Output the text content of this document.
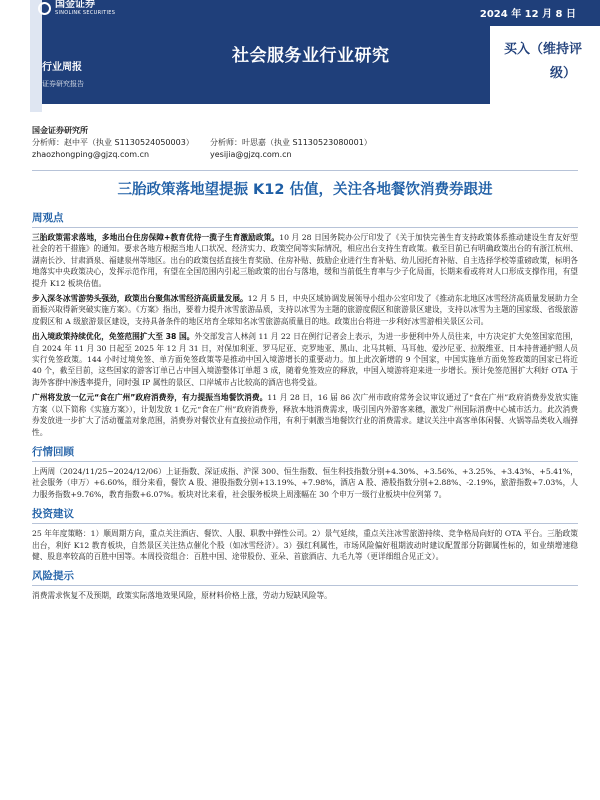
国金证券
SINOLINK SECURITIES	2024 年 12 月 8 日
行业周报
证券研究报告
社会服务业行业研究	买入（维持评
级）
国金证券研究所
分析师：赵中平（执业 S1130524050003）	分析师：叶思嘉（执业 S1130523080001）
zhaozhongping@gjzq.com.cn	yesijia@gjzq.com.cn
三胎政策落地望提振 K12 估值，关注各地餐饮消费券跟进
周观点

三胎政策需求落地，多地出台住房保障+教育优待一揽子生育激励政策。10 月 28 日国务院办公厅印发了《关于加快完善生育支持政策体系推动建设生育友好型社会的若干措施》的通知。要求各地方根据当地人口状况、经济实力、政策空间等实际情况，相应出台支持生育政策。截至目前已有明确政策出台的有浙江杭州、湖南长沙、甘肃酒泉、福建泉州等地区。出台的政策包括直接生育奖励、住房补贴、鼓励企业进行生育补贴、幼儿园托育补贴、自主选择学校等重磅政策，标明各地落实中央政策决心，发挥示范作用，有望在全国范围内引起三胎政策的出台与落地，缓和当前低生育率与少子化局面，长期来看或将对人口形成支撑作用，有望提升 K12 板块估值。

步入深冬冰雪游势头强劲，政策出台聚焦冰雪经济高质量发展。12 月 5 日，中央区域协调发展领导小组办公室印发了《推动东北地区冰雪经济高质量发展助力全面振兴取得新突破实施方案》。《方案》指出，要着力提升冰雪旅游品质，支持以冰雪为主题的旅游度假区和旅游景区建设，支持以冰雪为主题的国家级、省级旅游度假区和 A 级旅游景区建设，支持具备条件的地区培育全球知名冰雪旅游高质量目的地。政策出台将进一步利好冰雪游相关景区公司。

出入境政策持续优化，免签范围扩大至 38 国。外交部发言人林剑 11 月 22 日在例行记者会上表示，为进一步便利中外人员往来，中方决定扩大免签国家范围，自 2024 年 11 月 30 日起至 2025 年 12 月 31 日，对保加利亚、罗马尼亚、克罗地亚、黑山、北马其顿、马耳他、爱沙尼亚、拉脱维亚、日本持普通护照人员实行免签政策。144 小时过境免签、单方面免签政策等是推动中国入境游增长的重要动力。加上此次新增的 9 个国家，中国实施单方面免签政策的国家已将近 40 个，截至目前，这些国家的游客订单已占中国入境游整体订单超 3 成，随着免签效应的释放，中国入境游将迎来进一步增长。预计免签范围扩大利好 OTA 于海外客群中渗透率提升，同时强 IP 属性的景区、口岸城市占比较高的酒店也将受益。

广州将发放一亿元“食在广州”政府消费券，有力提振当地餐饮消费。11 月 28 日，16 届 86 次广州市政府常务会议审议通过了“食在广州”政府消费券发放实施方案（以下简称《实施方案》），计划发放 1 亿元“食在广州”政府消费券，释放本地消费需求，吸引国内外游客来穗，激发广州国际消费中心城市活力。此次消费券发放进一步扩大了活动覆盖对象范围，消费券对餐饮业有直接拉动作用，有利于刺激当地餐饮行业的消费需求。建议关注中高客单体闲餐、火锅等品类收入端弹性。

行情回顾

上两周（2024/11/25~2024/12/06）上证指数、深证成指、沪深 300、恒生指数、恒生科技指数分别+4.30%、+3.56%、+3.25%、+3.43%、+5.41%，社会服务（申万）+6.60%，细分来看，餐饮 A 股、港股指数分别+13.19%、+7.98%，酒店 A 股、港股指数分别+2.88%、-2.19%，旅游指数+7.03%，人力服务指数+9.76%，教育指数+6.07%。板块对比来看，社会服务板块上周涨幅在 30 个申万一级行业板块中位列第 7。

投资建议

25 年年度策略：1）顺周期方向，重点关注酒店、餐饮、人服、职教中弹性公司。2）景气延续，重点关注冰雪旅游持续、竞争格局向好的 OTA 平台。三胎政策出台，利好 K12 教育板块，自然景区关注热点催化个股（如冰雪经济）。3）强红利属性，市场风险偏好租期波动时建议配置部分防御属性标的，如业绩增速稳健、股息率较高的百胜中国等。本周投资组合：百胜中国、途带股份、亚朵、首旅酒店、九毛九等（更详细组合见正文）。

风险提示

消费需求恢复不及预期，政策实际落地效果风险，原材料价格上涨，劳动力短缺风险等。
